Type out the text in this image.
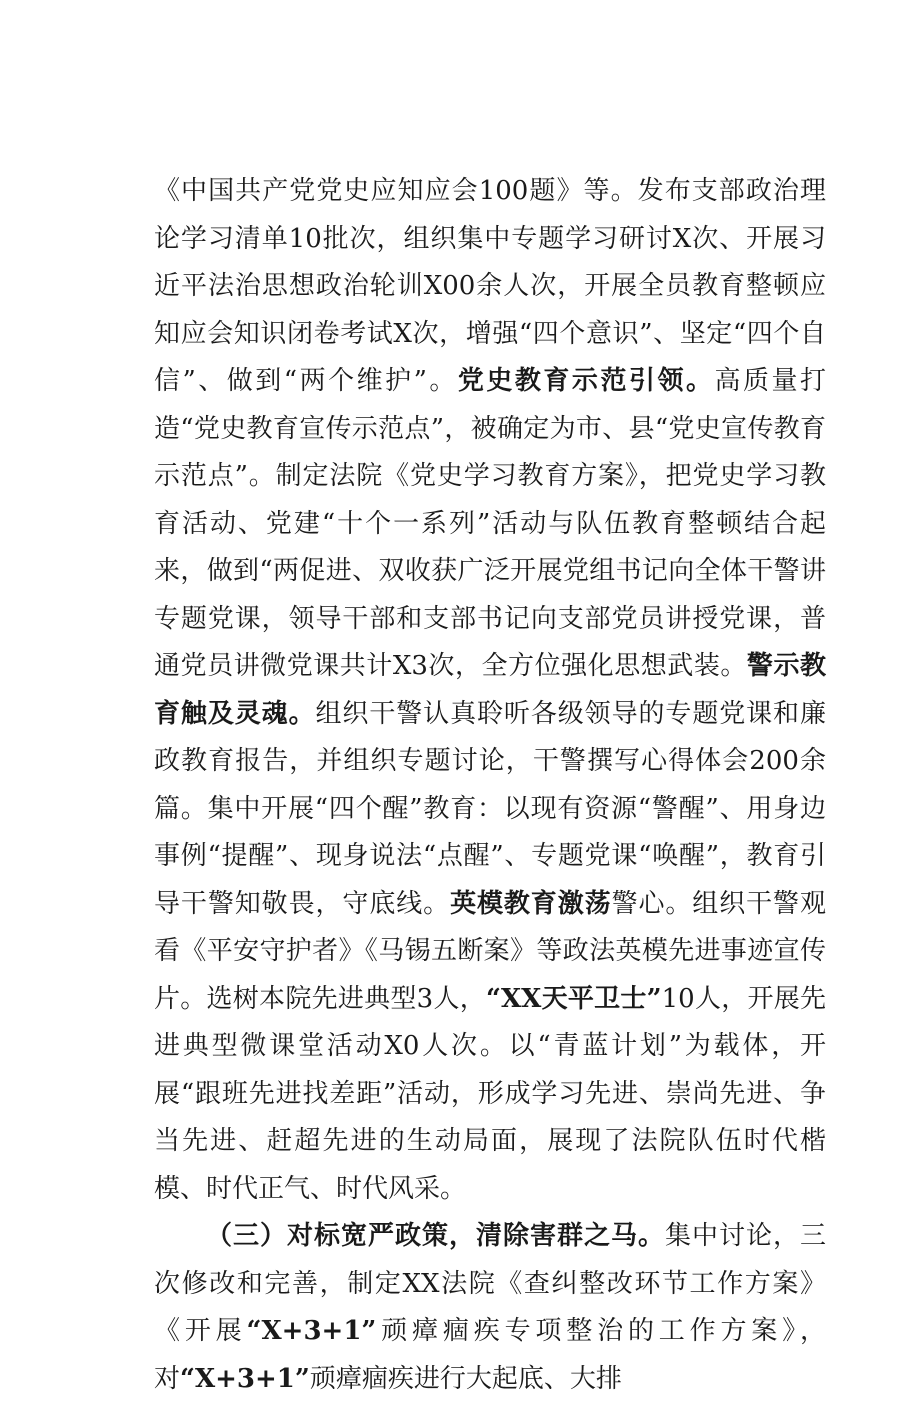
《中国共产党党史应知应会100题》等。发布支部政治理论学习清单10批次，组织集中专题学习研讨X次、开展习近平法治思想政治轮训X00余人次，开展全员教育整顿应知应会知识闭卷考试X次，增强“四个意识”、坚定“四个自信”、做到“两个维护”。党史教育示范引领。高质量打造“党史教育宣传示范点”，被确定为市、县“党史宣传教育示范点”。制定法院《党史学习教育方案》，把党史学习教育活动、党建“十个一系列”活动与队伍教育整顿结合起来，做到“两促进、双收获广泛开展党组书记向全体干警讲专题党课，领导干部和支部书记向支部党员讲授党课，普通党员讲微党课共计X3次，全方位强化思想武装。警示教育触及灵魂。组织干警认真聆听各级领导的专题党课和廉政教育报告，并组织专题讨论，干警撰写心得体会200余篇。集中开展“四个醒”教育：以现有资源“警醒”、用身边事例“提醒”、现身说法“点醒”、专题党课“唤醒”，教育引导干警知敬畏，守底线。英模教育激荡警心。组织干警观看《平安守护者》《马锡五断案》等政法英模先进事迹宣传片。选树本院先进典型3人，“XX天平卫士”10人，开展先进典型微课堂活动X0人次。以“青蓝计划”为载体，开展“跟班先进找差距”活动，形成学习先进、崇尚先进、争当先进、赶超先进的生动局面，展现了法院队伍时代楷模、时代正气、时代风采。

（三）对标宽严政策，清除害群之马。集中讨论，三次修改和完善，制定XX法院《查纠整改环节工作方案》《开展“X+3+1”顽瘴痼疾专项整治的工作方案》，对“X+3+1”顽瘴痼疾进行大起底、大排
